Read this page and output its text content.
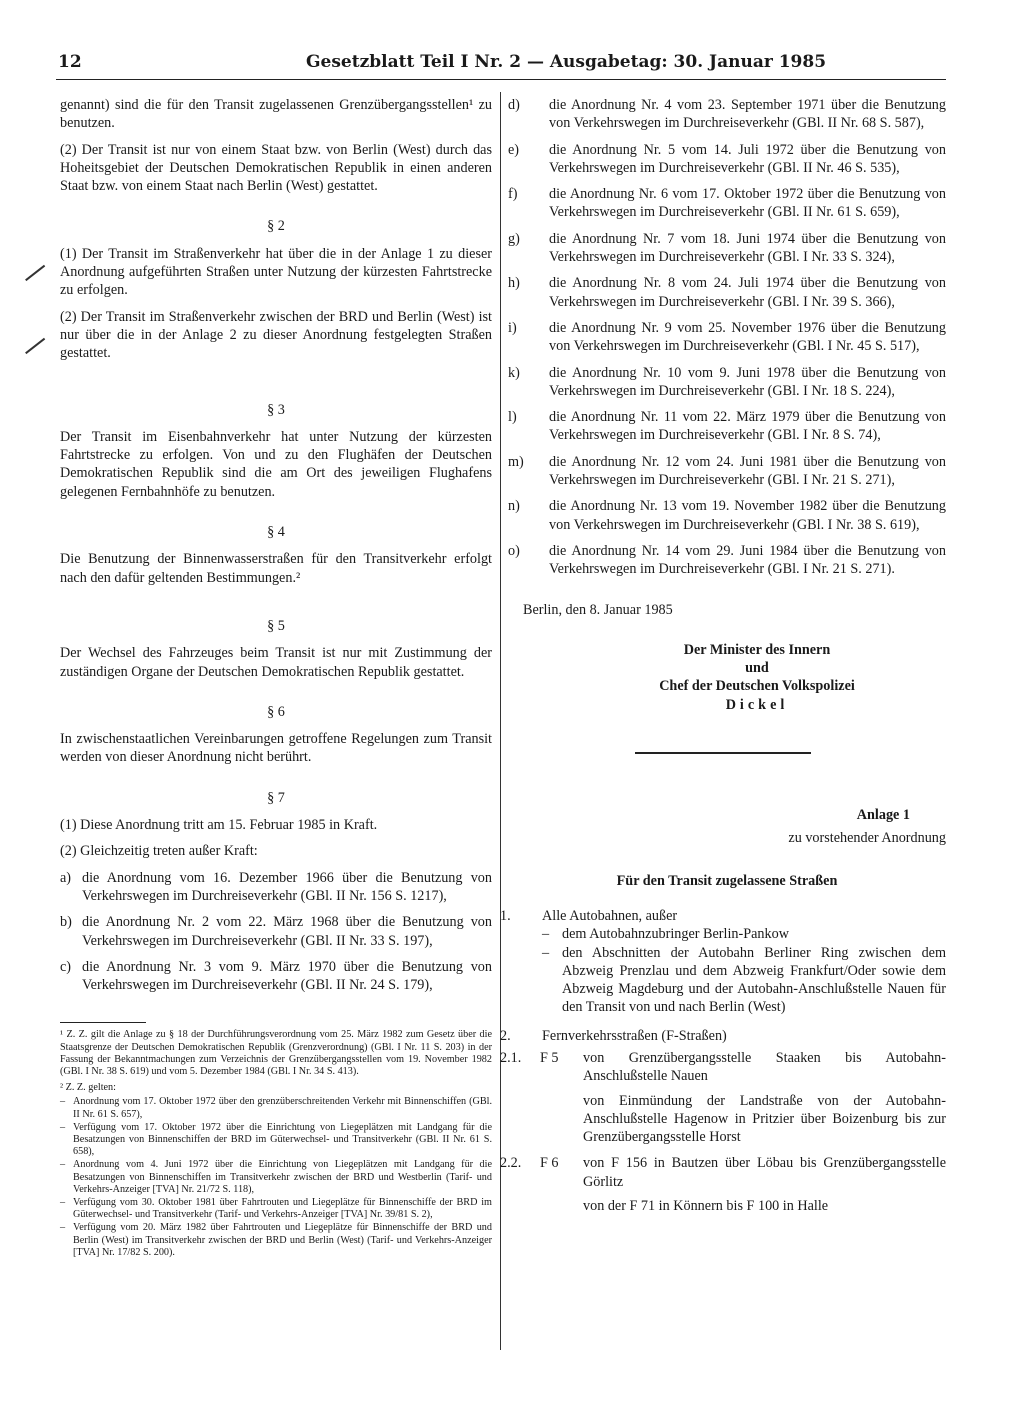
12	Gesetzblatt Teil I Nr. 2 — Ausgabetag: 30. Januar 1985

genannt) sind die für den Transit zugelassenen Grenzübergangsstellen¹ zu benutzen.

(2) Der Transit ist nur von einem Staat bzw. von Berlin (West) durch das Hoheitsgebiet der Deutschen Demokratischen Republik in einen anderen Staat bzw. von einem Staat nach Berlin (West) gestattet.

§ 2

(1) Der Transit im Straßenverkehr hat über die in der Anlage 1 zu dieser Anordnung aufgeführten Straßen unter Nutzung der kürzesten Fahrtstrecke zu erfolgen.

(2) Der Transit im Straßenverkehr zwischen der BRD und Berlin (West) ist nur über die in der Anlage 2 zu dieser Anordnung festgelegten Straßen gestattet.

§ 3

Der Transit im Eisenbahnverkehr hat unter Nutzung der kürzesten Fahrtstrecke zu erfolgen. Von und zu den Flughäfen der Deutschen Demokratischen Republik sind die am Ort des jeweiligen Flughafens gelegenen Fernbahnhöfe zu benutzen.

§ 4

Die Benutzung der Binnenwasserstraßen für den Transitverkehr erfolgt nach den dafür geltenden Bestimmungen.²

§ 5

Der Wechsel des Fahrzeuges beim Transit ist nur mit Zustimmung der zuständigen Organe der Deutschen Demokratischen Republik gestattet.

§ 6

In zwischenstaatlichen Vereinbarungen getroffene Regelungen zum Transit werden von dieser Anordnung nicht berührt.

§ 7

(1) Diese Anordnung tritt am 15. Februar 1985 in Kraft.

(2) Gleichzeitig treten außer Kraft:

a) die Anordnung vom 16. Dezember 1966 über die Benutzung von Verkehrswegen im Durchreiseverkehr (GBl. II Nr. 156 S. 1217),
b) die Anordnung Nr. 2 vom 22. März 1968 über die Benutzung von Verkehrswegen im Durchreiseverkehr (GBl. II Nr. 33 S. 197),
c) die Anordnung Nr. 3 vom 9. März 1970 über die Benutzung von Verkehrswegen im Durchreiseverkehr (GBl. II Nr. 24 S. 179),

¹ Z. Z. gilt die Anlage zu § 18 der Durchführungsverordnung vom 25. März 1982 zum Gesetz über die Staatsgrenze der Deutschen Demokratischen Republik (Grenzverordnung) (GBl. I Nr. 11 S. 203) in der Fassung der Bekanntmachungen zum Verzeichnis der Grenzübergangsstellen vom 19. November 1982 (GBl. I Nr. 38 S. 619) und vom 5. Dezember 1984 (GBl. I Nr. 34 S. 413).

² Z. Z. gelten:
– Anordnung vom 17. Oktober 1972 über den grenzüberschreitenden Verkehr mit Binnenschiffen (GBl. II Nr. 61 S. 657),
– Verfügung vom 17. Oktober 1972 über die Einrichtung von Liegeplätzen mit Landgang für die Besatzungen von Binnenschiffen der BRD im Güterwechsel- und Transitverkehr (GBl. II Nr. 61 S. 658),
– Anordnung vom 4. Juni 1972 über die Einrichtung von Liegeplätzen mit Landgang für die Besatzungen von Binnenschiffen im Transitverkehr zwischen der BRD und Westberlin (Tarif- und Verkehrs-Anzeiger [TVA] Nr. 21/72 S. 118),
– Verfügung vom 30. Oktober 1981 über Fahrtrouten und Liegeplätze für Binnenschiffe der BRD im Güterwechsel- und Transitverkehr (Tarif- und Verkehrs-Anzeiger [TVA] Nr. 39/81 S. 2),
– Verfügung vom 20. März 1982 über Fahrtrouten und Liegeplätze für Binnenschiffe der BRD und Berlin (West) im Transitverkehr zwischen der BRD und Berlin (West) (Tarif- und Verkehrs-Anzeiger [TVA] Nr. 17/82 S. 200).
d) die Anordnung Nr. 4 vom 23. September 1971 über die Benutzung von Verkehrswegen im Durchreiseverkehr (GBl. II Nr. 68 S. 587),
e) die Anordnung Nr. 5 vom 14. Juli 1972 über die Benutzung von Verkehrswegen im Durchreiseverkehr (GBl. II Nr. 46 S. 535),
f) die Anordnung Nr. 6 vom 17. Oktober 1972 über die Benutzung von Verkehrswegen im Durchreiseverkehr (GBl. II Nr. 61 S. 659),
g) die Anordnung Nr. 7 vom 18. Juni 1974 über die Benutzung von Verkehrswegen im Durchreiseverkehr (GBl. I Nr. 33 S. 324),
h) die Anordnung Nr. 8 vom 24. Juli 1974 über die Benutzung von Verkehrswegen im Durchreiseverkehr (GBl. I Nr. 39 S. 366),
i) die Anordnung Nr. 9 vom 25. November 1976 über die Benutzung von Verkehrswegen im Durchreiseverkehr (GBl. I Nr. 45 S. 517),
k) die Anordnung Nr. 10 vom 9. Juni 1978 über die Benutzung von Verkehrswegen im Durchreiseverkehr (GBl. I Nr. 18 S. 224),
l) die Anordnung Nr. 11 vom 22. März 1979 über die Benutzung von Verkehrswegen im Durchreiseverkehr (GBl. I Nr. 8 S. 74),
m) die Anordnung Nr. 12 vom 24. Juni 1981 über die Benutzung von Verkehrswegen im Durchreiseverkehr (GBl. I Nr. 21 S. 271),
n) die Anordnung Nr. 13 vom 19. November 1982 über die Benutzung von Verkehrswegen im Durchreiseverkehr (GBl. I Nr. 38 S. 619),
o) die Anordnung Nr. 14 vom 29. Juni 1984 über die Benutzung von Verkehrswegen im Durchreiseverkehr (GBl. I Nr. 21 S. 271).

Berlin, den 8. Januar 1985

Der Minister des Innern
und
Chef der Deutschen Volkspolizei
Dickel
Anlage 1
zu vorstehender Anordnung
Für den Transit zugelassene Straßen
1. Alle Autobahnen, außer
– dem Autobahnzubringer Berlin-Pankow
– den Abschnitten der Autobahn Berliner Ring zwischen dem Abzweig Prenzlau und dem Abzweig Frankfurt/Oder sowie dem Abzweig Magdeburg und der Autobahn-Anschlußstelle Nauen für den Transit von und nach Berlin (West)
2. Fernverkehrsstraßen (F-Straßen)
2.1. F 5 von Grenzübergangsstelle Staaken bis Autobahn-Anschlußstelle Nauen
von Einmündung der Landstraße von der Autobahn-Anschlußstelle Hagenow in Pritzier über Boizenburg bis zur Grenzübergangsstelle Horst
2.2. F 6 von F 156 in Bautzen über Löbau bis Grenzübergangsstelle Görlitz
von der F 71 in Könnern bis F 100 in Halle
